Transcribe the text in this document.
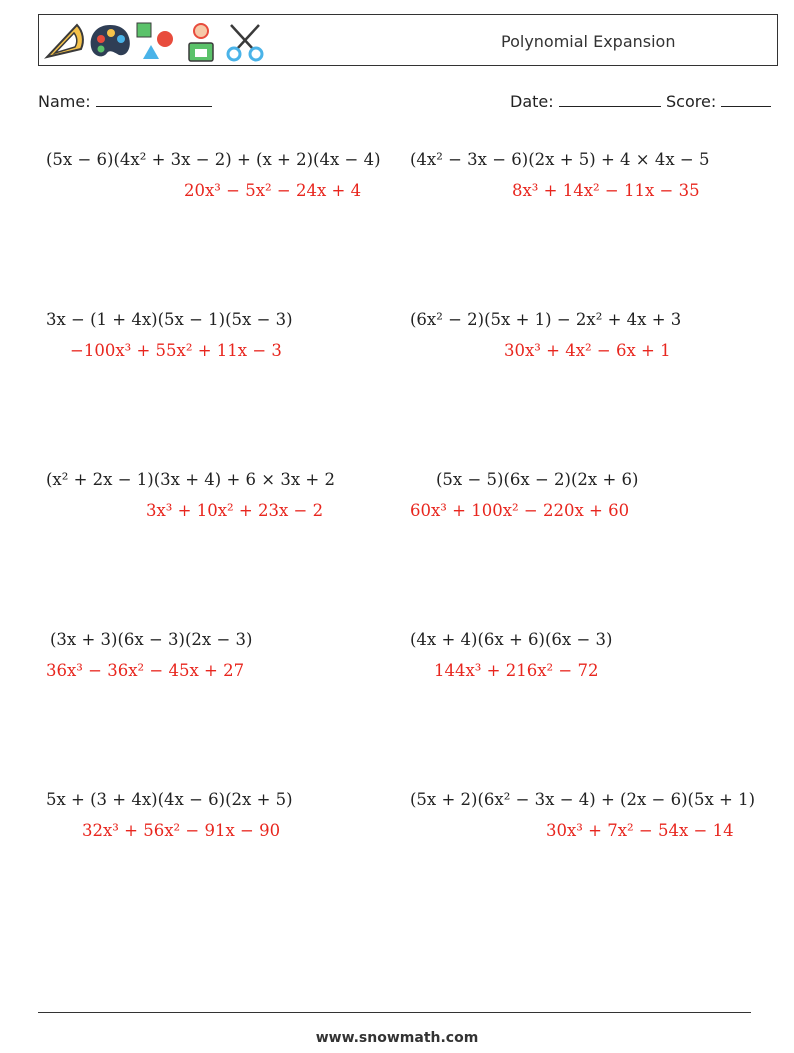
Polynomial Expansion
Name:	Date:	Score:
(5x − 6)(4x² + 3x − 2) + (x + 2)(4x − 4)
20x³ − 5x² − 24x + 4
(4x² − 3x − 6)(2x + 5) + 4 × 4x − 5
8x³ + 14x² − 11x − 35
3x − (1 + 4x)(5x − 1)(5x − 3)
−100x³ + 55x² + 11x − 3
(6x² − 2)(5x + 1) − 2x² + 4x + 3
30x³ + 4x² − 6x + 1
(x² + 2x − 1)(3x + 4) + 6 × 3x + 2
3x³ + 10x² + 23x − 2
(5x − 5)(6x − 2)(2x + 6)
60x³ + 100x² − 220x + 60
(3x + 3)(6x − 3)(2x − 3)
36x³ − 36x² − 45x + 27
(4x + 4)(6x + 6)(6x − 3)
144x³ + 216x² − 72
5x + (3 + 4x)(4x − 6)(2x + 5)
32x³ + 56x² − 91x − 90
(5x + 2)(6x² − 3x − 4) + (2x − 6)(5x + 1)
30x³ + 7x² − 54x − 14
www.snowmath.com
